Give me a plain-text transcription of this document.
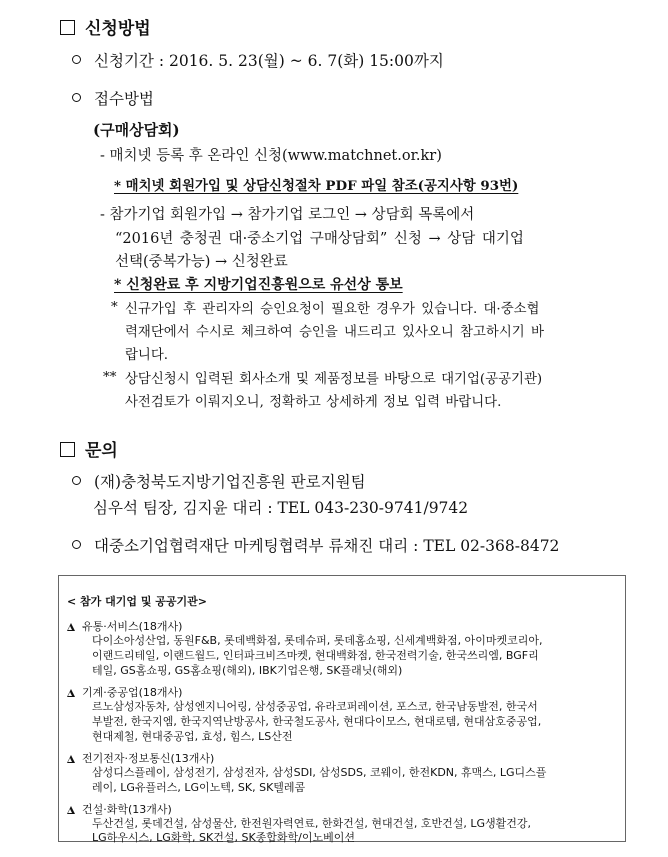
신청방법
신청기간 : 2016. 5. 23(월) ~ 6. 7(화) 15:00까지
접수방법
(구매상담회)
- 매치넷 등록 후 온라인 신청(www.matchnet.or.kr)
* 매치넷 회원가입 및 상담신청절차 PDF 파일 참조(공지사항 93번)
- 참가기업 회원가입 → 참가기업 로그인 → 상담회 목록에서
“2016년 충청권 대·중소기업 구매상담회” 신청 → 상담 대기업
선택(중복가능) → 신청완료
* 신청완료 후 지방기업진흥원으로 유선상 통보
* 신규가입 후 관리자의 승인요청이 필요한 경우가 있습니다. 대·중소협
력재단에서 수시로 체크하여 승인을 내드리고 있사오니 참고하시기 바
랍니다.
** 상담신청시 입력된 회사소개 및 제품정보를 바탕으로 대기업(공공기관)
사전검토가 이뤄지오니, 정확하고 상세하게 정보 입력 바랍니다.
문의
(재)충청북도지방기업진흥원 판로지원팀
심우석 팀장, 김지윤 대리 : TEL 043-230-9741/9742
대중소기업협력재단 마케팅협력부 류채진 대리 : TEL 02-368-8472
< 참가 대기업 및 공공기관>
유통·서비스(18개사)
다이소아성산업, 동원F&B, 롯데백화점, 롯데슈퍼, 롯데홈쇼핑, 신세계백화점, 아이마켓코리아,
이랜드리테일, 이랜드월드, 인터파크비즈마켓, 현대백화점, 한국전력기술, 한국쓰리엠, BGF리
테일, GS홈쇼핑, GS홈쇼핑(해외), IBK기업은행, SK플래닛(해외)
기계·중공업(18개사)
르노삼성자동차, 삼성엔지니어링, 삼성중공업, 유라코퍼레이션, 포스코, 한국남동발전, 한국서
부발전, 한국지엠, 한국지역난방공사, 한국철도공사, 현대다이모스, 현대로템, 현대삼호중공업,
현대제철, 현대중공업, 효성, 힘스, LS산전
전기전자·정보통신(13개사)
삼성디스플레이, 삼성전기, 삼성전자, 삼성SDI, 삼성SDS, 코웨이, 한전KDN, 휴맥스, LG디스플
레이, LG유플러스, LG이노텍, SK, SK텔레콤
건설·화학(13개사)
두산건설, 롯데건설, 삼성물산, 한전원자력연료, 한화건설, 현대건설, 호반건설, LG생활건강,
LG하우시스, LG화학, SK건설, SK종합화학/이노베이션
